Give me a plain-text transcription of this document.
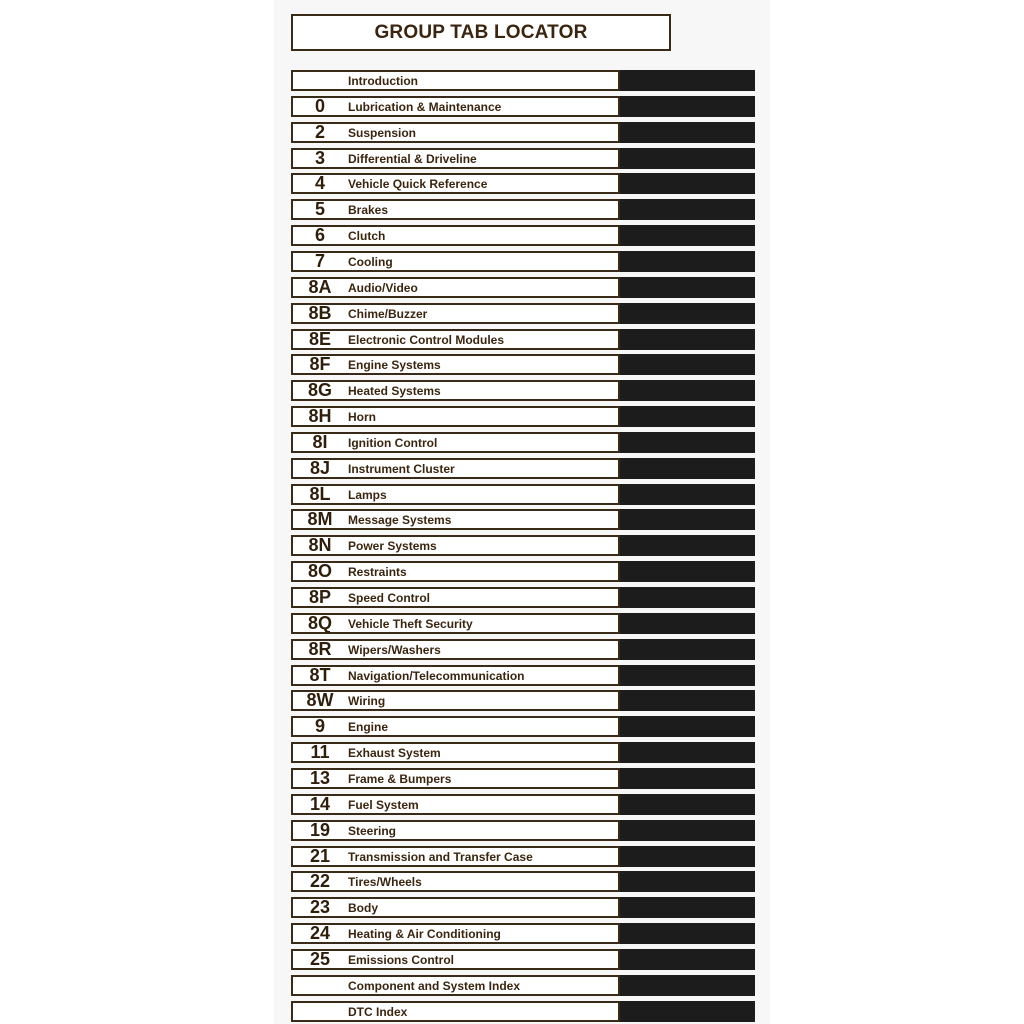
GROUP TAB LOCATOR
Introduction
0	Lubrication & Maintenance
2	Suspension
3	Differential & Driveline
4	Vehicle Quick Reference
5	Brakes
6	Clutch
7	Cooling
8A	Audio/Video
8B	Chime/Buzzer
8E	Electronic Control Modules
8F	Engine Systems
8G	Heated Systems
8H	Horn
8I	Ignition Control
8J	Instrument Cluster
8L	Lamps
8M	Message Systems
8N	Power Systems
8O	Restraints
8P	Speed Control
8Q	Vehicle Theft Security
8R	Wipers/Washers
8T	Navigation/Telecommunication
8W	Wiring
9	Engine
11	Exhaust System
13	Frame & Bumpers
14	Fuel System
19	Steering
21	Transmission and Transfer Case
22	Tires/Wheels
23	Body
24	Heating & Air Conditioning
25	Emissions Control
Component and System Index
DTC Index
